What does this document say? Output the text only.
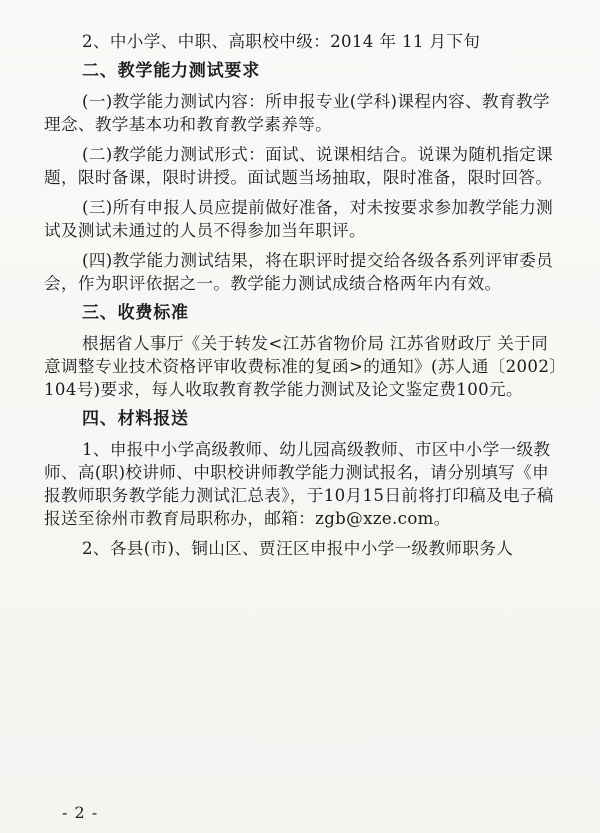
2、中小学、中职、高职校中级：2014 年 11 月下旬

二、教学能力测试要求

(一)教学能力测试内容：所申报专业(学科)课程内容、教育教学理念、教学基本功和教育教学素养等。

(二)教学能力测试形式：面试、说课相结合。说课为随机指定课题，限时备课，限时讲授。面试题当场抽取，限时准备，限时回答。

(三)所有申报人员应提前做好准备，对未按要求参加教学能力测试及测试未通过的人员不得参加当年职评。

(四)教学能力测试结果，将在职评时提交给各级各系列评审委员会，作为职评依据之一。教学能力测试成绩合格两年内有效。

三、收费标准

根据省人事厅《关于转发<江苏省物价局 江苏省财政厅 关于同意调整专业技术资格评审收费标准的复函>的通知》(苏人通〔2002〕104号)要求，每人收取教育教学能力测试及论文鉴定费100元。

四、材料报送

1、申报中小学高级教师、幼儿园高级教师、市区中小学一级教师、高(职)校讲师、中职校讲师教学能力测试报名，请分别填写《申报教师职务教学能力测试汇总表》，于10月15日前将打印稿及电子稿报送至徐州市教育局职称办，邮箱：zgb@xze.com。

2、各县(市)、铜山区、贾汪区申报中小学一级教师职务人

- 2 -
